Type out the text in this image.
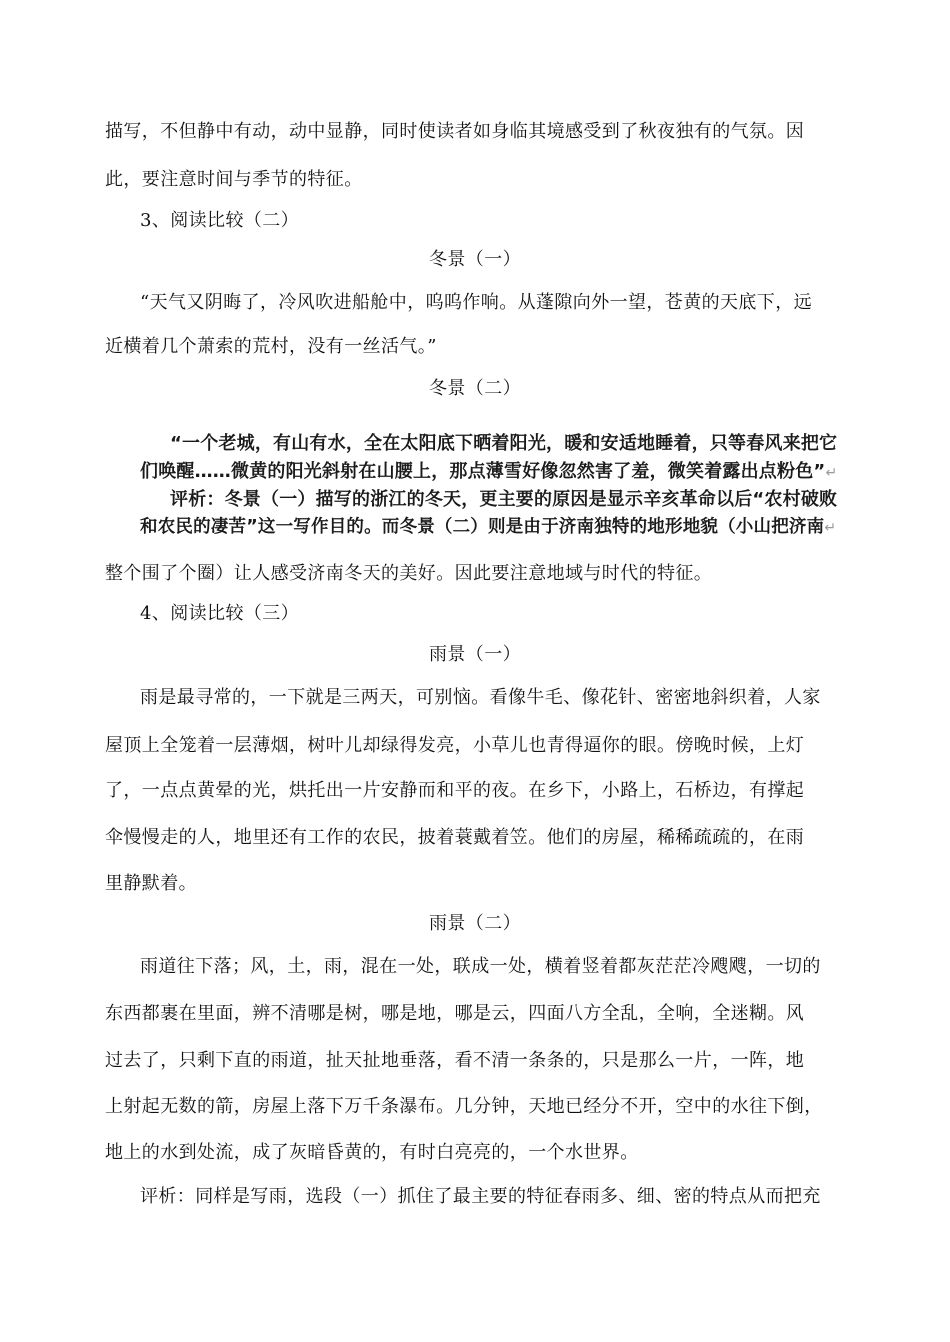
描写，不但静中有动，动中显静，同时使读者如身临其境感受到了秋夜独有的气氛。因
此，要注意时间与季节的特征。
3、阅读比较（二）
冬景（一）
“天气又阴晦了，冷风吹进船舱中，呜呜作响。从蓬隙向外一望，苍黄的天底下，远
近横着几个萧索的荒村，没有一丝活气。”
冬景（二）
“一个老城，有山有水，全在太阳底下晒着阳光，暖和安适地睡着，只等春风来把它
们唤醒……微黄的阳光斜射在山腰上，那点薄雪好像忽然害了羞，微笑着露出点粉色”↵
评析：冬景（一）描写的浙江的冬天，更主要的原因是显示辛亥革命以后“农村破败
和农民的凄苦”这一写作目的。而冬景（二）则是由于济南独特的地形地貌（小山把济南↵
整个围了个圈）让人感受济南冬天的美好。因此要注意地域与时代的特征。
4、阅读比较（三）
雨景（一）
雨是最寻常的，一下就是三两天，可别恼。看像牛毛、像花针、密密地斜织着，人家
屋顶上全笼着一层薄烟，树叶儿却绿得发亮，小草儿也青得逼你的眼。傍晚时候，上灯
了，一点点黄晕的光，烘托出一片安静而和平的夜。在乡下，小路上，石桥边，有撑起
伞慢慢走的人，地里还有工作的农民，披着蓑戴着笠。他们的房屋，稀稀疏疏的，在雨
里静默着。
雨景（二）
雨道往下落；风，土，雨，混在一处，联成一处，横着竖着都灰茫茫冷飕飕，一切的
东西都裹在里面，辨不清哪是树，哪是地，哪是云，四面八方全乱，全响，全迷糊。风
过去了，只剩下直的雨道，扯天扯地垂落，看不清一条条的，只是那么一片，一阵，地
上射起无数的箭，房屋上落下万千条瀑布。几分钟，天地已经分不开，空中的水往下倒，
地上的水到处流，成了灰暗昏黄的，有时白亮亮的，一个水世界。
评析：同样是写雨，选段（一）抓住了最主要的特征春雨多、细、密的特点从而把充
